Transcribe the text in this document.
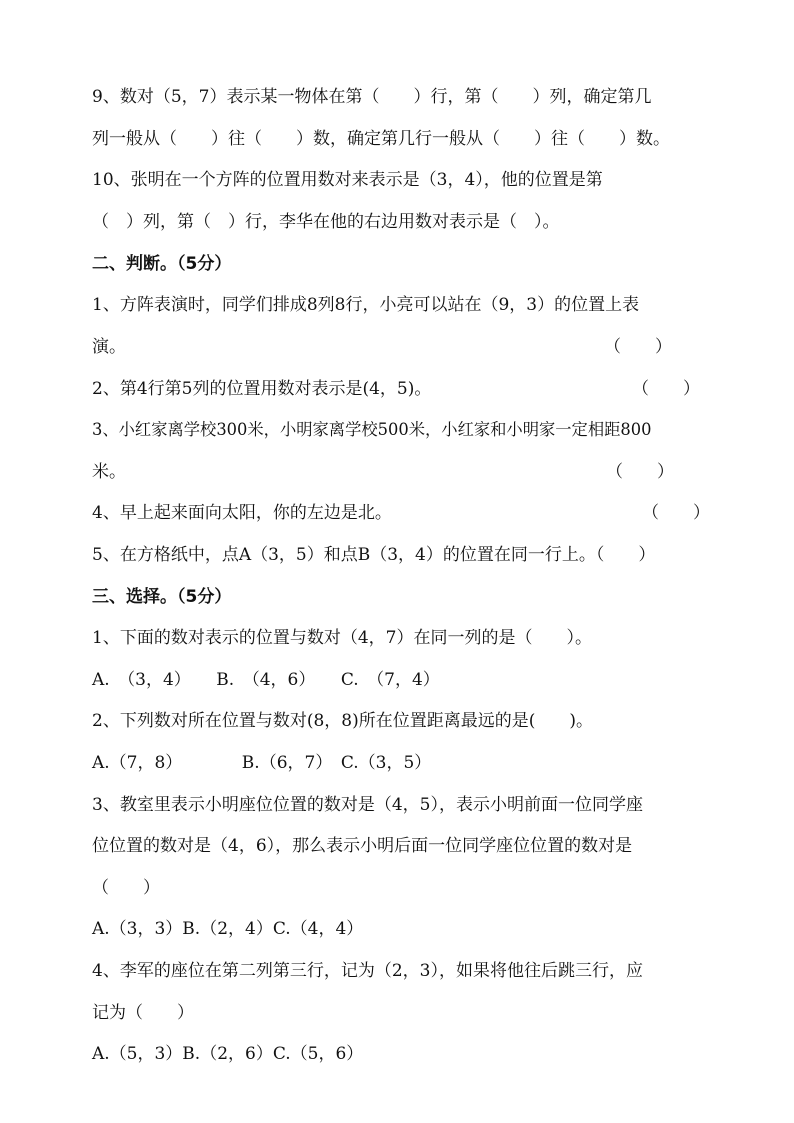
9、数对（5，7）表示某一物体在第（　　）行，第（　　）列，确定第几
列一般从（　　）往（　　）数，确定第几行一般从（　　）往（　　）数。
10、张明在一个方阵的位置用数对来表示是（3，4），他的位置是第
（　）列，第（　）行，李华在他的右边用数对表示是（　）。
二、判断。（5分）
1、方阵表演时，同学们排成8列8行，小亮可以站在（9，3）的位置上表
演。	（　　）
2、第4行第5列的位置用数对表示是(4，5)。	（　　）
3、小红家离学校300米，小明家离学校500米，小红家和小明家一定相距800
米。	（　　）
4、早上起来面向太阳，你的左边是北。	（　　）
5、在方格纸中，点A（3，5）和点B（3，4）的位置在同一行上。（　　）
三、选择。（5分）
1、下面的数对表示的位置与数对（4，7）在同一列的是（　　）。
A.　（3，4）　　B.　（4，6）　　C.　（7，4）
2、下列数对所在位置与数对(8，8)所在位置距离最远的是(　　)。
A.（7，8）　　　　B.（6，7）　C.（3，5）
3、教室里表示小明座位位置的数对是（4，5），表示小明前面一位同学座
位位置的数对是（4，6），那么表示小明后面一位同学座位位置的数对是
（　　）
A.（3，3）B.（2，4）C.（4，4）
4、李军的座位在第二列第三行，记为（2，3），如果将他往后跳三行，应
记为（　　）
A.（5，3）B.（2，6）C.（5，6）
